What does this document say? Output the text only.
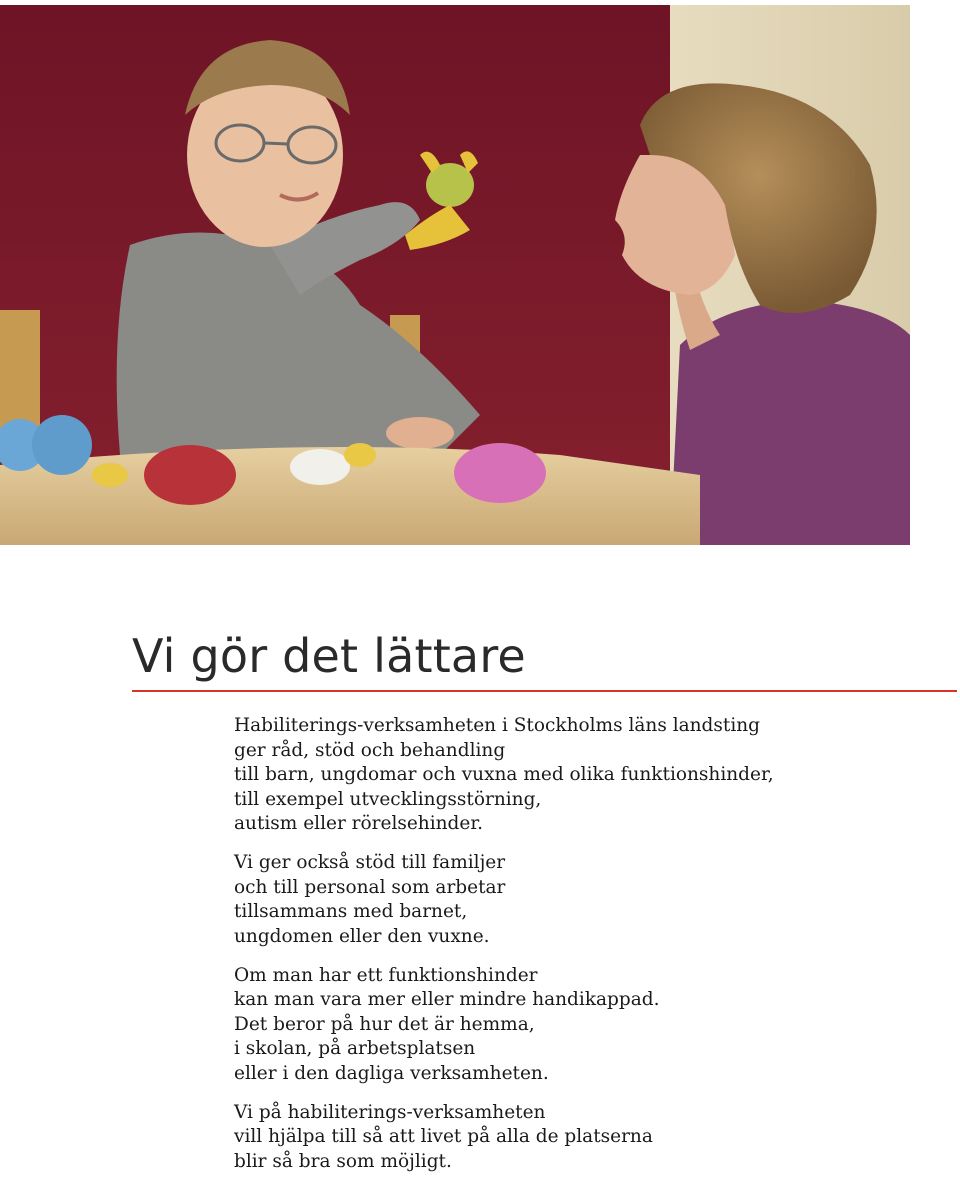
Vi gör det lättare

Habiliterings-verksamheten i Stockholms läns landsting
ger råd, stöd och behandling
till barn, ungdomar och vuxna med olika funktionshinder,
till exempel utvecklingsstörning,
autism eller rörelsehinder.

Vi ger också stöd till familjer
och till personal som arbetar
tillsammans med barnet,
ungdomen eller den vuxne.

Om man har ett funktionshinder
kan man vara mer eller mindre handikappad.
Det beror på hur det är hemma,
i skolan, på arbetsplatsen
eller i den dagliga verksamheten.

Vi på habiliterings-verksamheten
vill hjälpa till så att livet på alla de platserna
blir så bra som möjligt.
